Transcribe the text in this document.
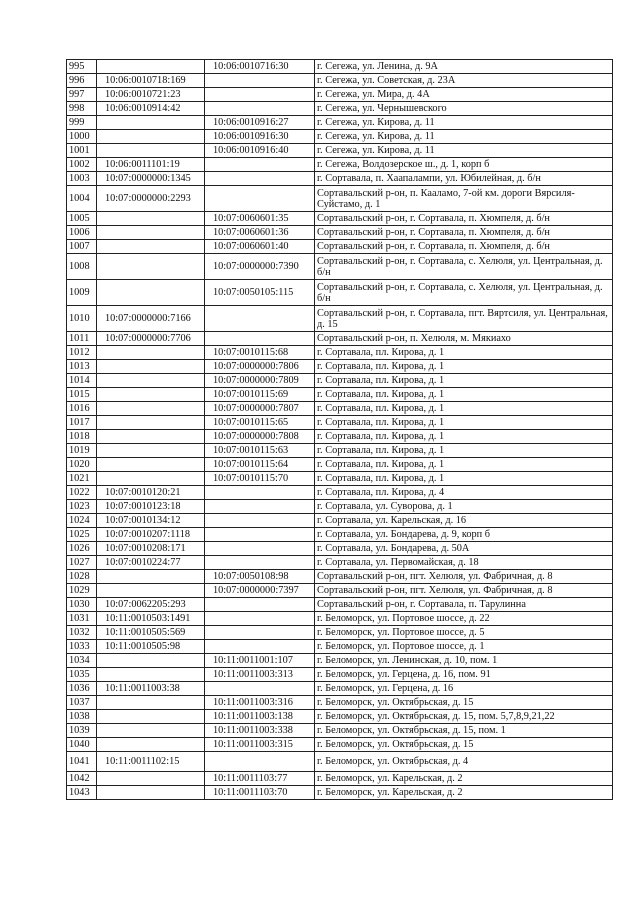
995		10:06:0010716:30	г. Сегежа, ул. Ленина, д. 9А
996	10:06:0010718:169		г. Сегежа, ул. Советская, д. 23А
997	10:06:0010721:23		г. Сегежа, ул. Мира, д. 4А
998	10:06:0010914:42		г. Сегежа, ул. Чернышевского
999		10:06:0010916:27	г. Сегежа, ул. Кирова, д. 11
1000		10:06:0010916:30	г. Сегежа, ул. Кирова, д. 11
1001		10:06:0010916:40	г. Сегежа, ул. Кирова, д. 11
1002	10:06:0011101:19		г. Сегежа, Волдозерское ш., д. 1, корп б
1003	10:07:0000000:1345		г. Сортавала, п. Хаапалампи, ул. Юбилейная, д. б/н
1004	10:07:0000000:2293		Сортавальский р-он, п. Кааламо, 7-ой км. дороги Вярсиля-Суйстамо, д. 1
1005		10:07:0060601:35	Сортавальский р-он, г. Сортавала, п. Хюмпеля, д. б/н
1006		10:07:0060601:36	Сортавальский р-он, г. Сортавала, п. Хюмпеля, д. б/н
1007		10:07:0060601:40	Сортавальский р-он, г. Сортавала, п. Хюмпеля, д. б/н
1008		10:07:0000000:7390	Сортавальский р-он, г. Сортавала, с. Хелюля, ул. Центральная, д. б/н
1009		10:07:0050105:115	Сортавальский р-он, г. Сортавала, с. Хелюля, ул. Центральная, д. б/н
1010	10:07:0000000:7166		Сортавальский р-он, г. Сортавала, пгт. Вяртсиля, ул. Центральная, д. 15
1011	10:07:0000000:7706		Сортавальский р-он, п. Хелюля, м. Мякиахо
1012		10:07:0010115:68	г. Сортавала, пл. Кирова, д. 1
1013		10:07:0000000:7806	г. Сортавала, пл. Кирова, д. 1
1014		10:07:0000000:7809	г. Сортавала, пл. Кирова, д. 1
1015		10:07:0010115:69	г. Сортавала, пл. Кирова, д. 1
1016		10:07:0000000:7807	г. Сортавала, пл. Кирова, д. 1
1017		10:07:0010115:65	г. Сортавала, пл. Кирова, д. 1
1018		10:07:0000000:7808	г. Сортавала, пл. Кирова, д. 1
1019		10:07:0010115:63	г. Сортавала, пл. Кирова, д. 1
1020		10:07:0010115:64	г. Сортавала, пл. Кирова, д. 1
1021		10:07:0010115:70	г. Сортавала, пл. Кирова, д. 1
1022	10:07:0010120:21		г. Сортавала, пл. Кирова, д. 4
1023	10:07:0010123:18		г. Сортавала, ул. Суворова, д. 1
1024	10:07:0010134:12		г. Сортавала, ул. Карельская, д. 16
1025	10:07:0010207:1118		г. Сортавала, ул. Бондарева, д. 9, корп б
1026	10:07:0010208:171		г. Сортавала, ул. Бондарева, д. 50А
1027	10:07:0010224:77		г. Сортавала, ул. Первомайская, д. 18
1028		10:07:0050108:98	Сортавальский р-он, пгт. Хелюля, ул. Фабричная, д. 8
1029		10:07:0000000:7397	Сортавальский р-он, пгт. Хелюля, ул. Фабричная, д. 8
1030	10:07:0062205:293		Сортавальский р-он, г. Сортавала, п. Тарулинна
1031	10:11:0010503:1491		г. Беломорск, ул. Портовое шоссе, д. 22
1032	10:11:0010505:569		г. Беломорск, ул. Портовое шоссе, д. 5
1033	10:11:0010505:98		г. Беломорск, ул. Портовое шоссе, д. 1
1034		10:11:0011001:107	г. Беломорск, ул. Ленинская, д. 10, пом. 1
1035		10:11:0011003:313	г. Беломорск, ул. Герцена, д. 16, пом. 91
1036	10:11:0011003:38		г. Беломорск, ул. Герцена, д. 16
1037		10:11:0011003:316	г. Беломорск, ул. Октябрьская, д. 15
1038		10:11:0011003:138	г. Беломорск, ул. Октябрьская, д. 15, пом. 5,7,8,9,21,22
1039		10:11:0011003:338	г. Беломорск, ул. Октябрьская, д. 15, пом. 1
1040		10:11:0011003:315	г. Беломорск, ул. Октябрьская, д. 15
1041	10:11:0011102:15		г. Беломорск, ул. Октябрьская, д. 4
1042		10:11:0011103:77	г. Беломорск, ул. Карельская, д. 2
1043		10:11:0011103:70	г. Беломорск, ул. Карельская, д. 2
